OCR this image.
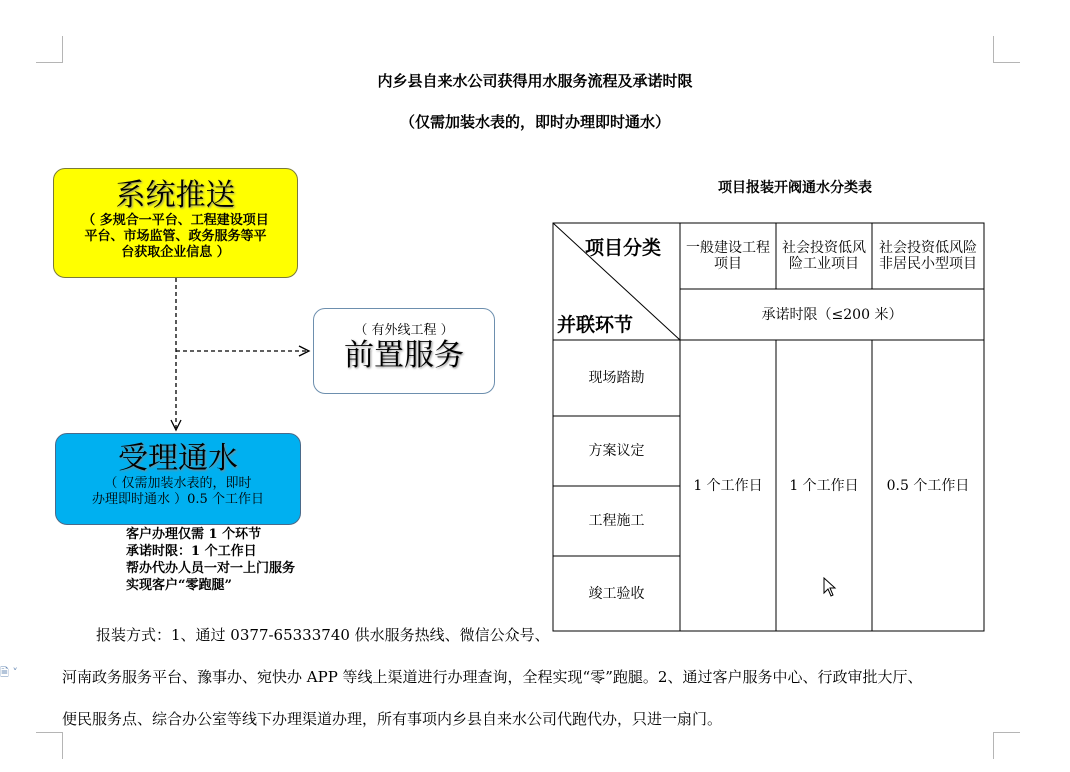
🗎 ˅
内乡县自来水公司获得用水服务流程及承诺时限
（仅需加装水表的，即时办理即时通水）
系统推送
（ 多规合一平台、工程建设项目
平台、市场监管、政务服务等平
台获取企业信息 ）
（ 有外线工程 ）
前置服务
受理通水
（ 仅需加装水表的，即时
办理即时通水 ）0.5 个工作日
客户办理仅需 1 个环节
承诺时限：1 个工作日
帮办代办人员一对一上门服务
实现客户“零跑腿”
项目报装开阀通水分类表
项目分类
并联环节
一般建设工程项目
社会投资低风险工业项目
社会投资低风险非居民小型项目
承诺时限（≤200 米）
现场踏勘
方案议定
工程施工
竣工验收
1 个工作日	1 个工作日	0.5 个工作日
报装方式：1、通过 0377-65333740 供水服务热线、微信公众号、
河南政务服务平台、豫事办、宛快办 APP 等线上渠道进行办理查询，全程实现“零”跑腿。2、通过客户服务中心、行政审批大厅、
便民服务点、综合办公室等线下办理渠道办理，所有事项内乡县自来水公司代跑代办，只进一扇门。
